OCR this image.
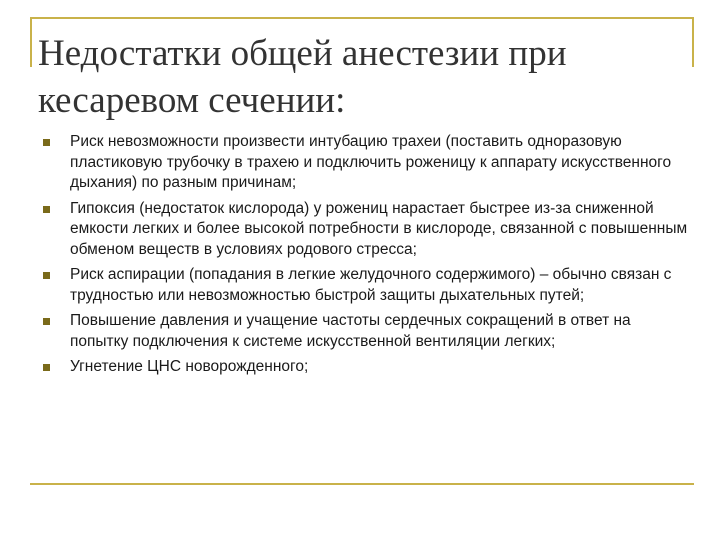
Недостатки общей анестезии при кесаревом сечении:
Риск невозможности произвести интубацию трахеи (поставить одноразовую пластиковую трубочку в трахею и подключить роженицу к аппарату искусственного дыхания) по разным причинам;
Гипоксия (недостаток кислорода) у рожениц нарастает быстрее из-за сниженной емкости легких и более высокой потребности в кислороде, связанной с повышенным обменом веществ в условиях родового стресса;
Риск аспирации (попадания в легкие желудочного содержимого) – обычно связан с трудностью или невозможностью быстрой защиты дыхательных путей;
Повышение давления и учащение частоты сердечных сокращений в ответ на попытку подключения к системе искусственной вентиляции легких;
Угнетение ЦНС новорожденного;
